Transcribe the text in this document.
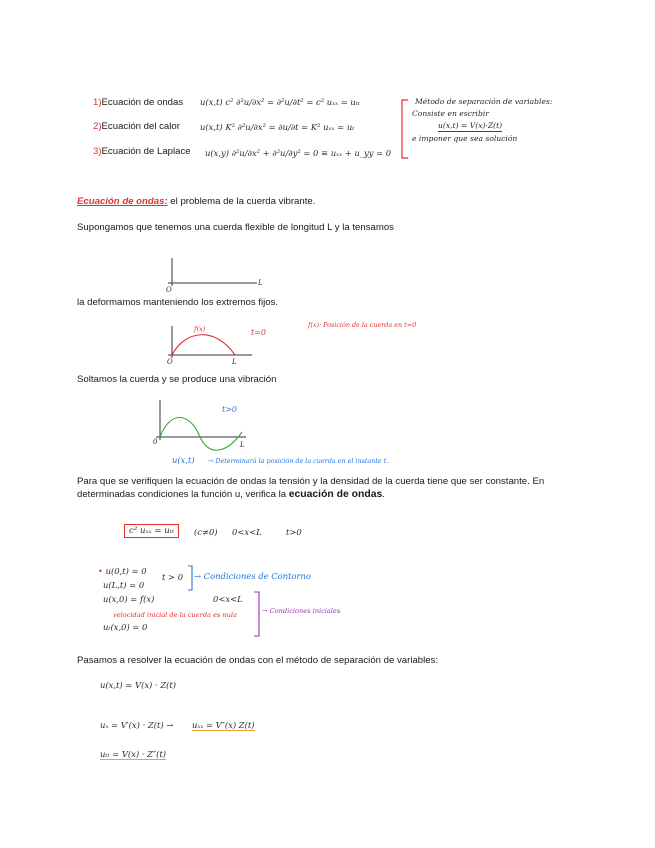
1)Ecuación de ondas u(x,t) c² ∂²u/∂x² = ∂²u/∂t² = c² uₓₓ = uₜₜ
2)Ecuación del calor u(x,t) K² ∂²u/∂x² = ∂u/∂t = K² uₓₓ = uₜ
3)Ecuación de Laplace u(x,y) ∂²u/∂x² + ∂²u/∂y² = 0 ≡ uₓₓ + u_yy = 0
Método de separación de variables:
Consiste en escribir
u(x,t) = V(x)·Z(t)
e imponer que sea solución
Ecuación de ondas: el problema de la cuerda vibrante.
Supongamos que tenemos una cuerda flexible de longitud L y la tensamos
O
L
la deformamos manteniendo los extremos fijos.
f(x)	t=0
f(x): Posición de la cuerda en t=0
O	L
Soltamos la cuerda y se produce una vibración
t>0
0	L
u(x,t) → Determinará la posición de la cuerda en el instante t.
Para que se verifiquen la ecuación de ondas la tensión y la densidad de la cuerda tiene que ser constante. En
determinadas condiciones la función u, verifica la ecuación de ondas.
c² uₓₓ = uₜₜ	(c≠0) 0<x<L	t>0
• u(0,t) = 0
u(L,t) = 0
t > 0 → Condiciones de Contorno
u(x,0) = f(x)	0<x<L
velocidad inicial de la cuerda es nula
uₜ(x,0) = 0
→ Condiciones iniciales
Pasamos a resolver la ecuación de ondas con el método de separación de variables:
u(x,t) = V(x) · Z(t)
uₓ = V′(x) · Z(t) → uₓₓ = V″(x) Z(t)
uₜₜ = V(x) · Z″(t)
